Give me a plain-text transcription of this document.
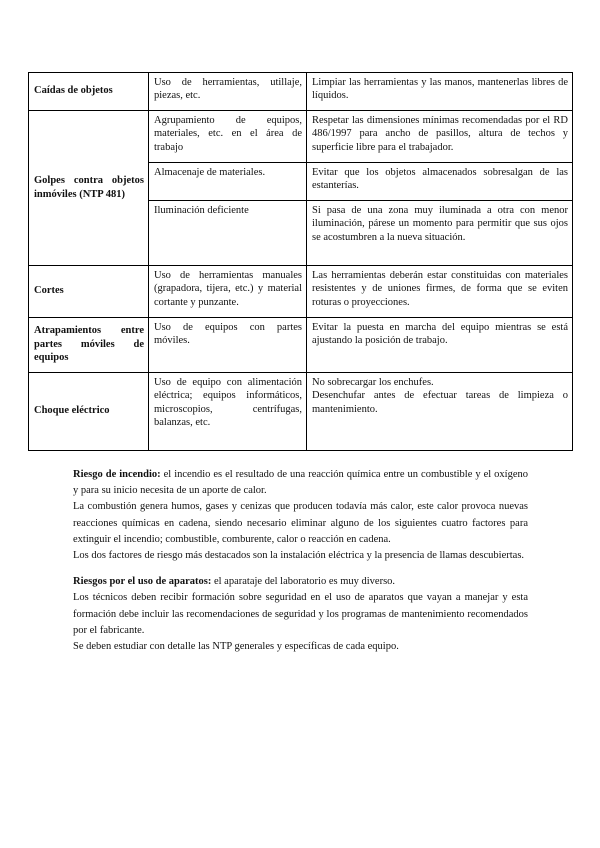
Caídas de objetos	Uso de herramientas, utillaje, piezas, etc.	Limpiar las herramientas y las manos, mantenerlas libres de líquidos.
Golpes contra objetos inmóviles (NTP 481)	Agrupamiento de equipos, materiales, etc. en el área de trabajo	Respetar las dimensiones mínimas recomendadas por el RD 486/1997 para ancho de pasillos, altura de techos y superficie libre para el trabajador.
	Almacenaje de materiales.	Evitar que los objetos almacenados sobresalgan de las estanterías.
	Iluminación deficiente	Si pasa de una zona muy iluminada a otra con menor iluminación, párese un momento para permitir que sus ojos se acostumbren a la nueva situación.
Cortes	Uso de herramientas manuales (grapadora, tijera, etc.) y material cortante y punzante.	Las herramientas deberán estar constituidas con materiales resistentes y de uniones firmes, de forma que se eviten roturas o proyecciones.
Atrapamientos entre partes móviles de equipos	Uso de equipos con partes móviles.	Evitar la puesta en marcha del equipo mientras se está ajustando la posición de trabajo.
Choque eléctrico	Uso de equipo con alimentación eléctrica; equipos informáticos, microscopios, centrífugas, balanzas, etc.	No sobrecargar los enchufes.
Desenchufar antes de efectuar tareas de limpieza o mantenimiento.

Riesgo de incendio: el incendio es el resultado de una reacción química entre un combustible y el oxígeno y para su inicio necesita de un aporte de calor.

La combustión genera humos, gases y cenizas que producen todavía más calor, este calor provoca nuevas reacciones químicas en cadena, siendo necesario eliminar alguno de los siguientes cuatro factores para extinguir el incendio; combustible, comburente, calor o reacción en cadena.

Los dos factores de riesgo más destacados son la instalación eléctrica y la presencia de llamas descubiertas.

Riesgos por el uso de aparatos: el aparataje del laboratorio es muy diverso.

Los técnicos deben recibir formación sobre seguridad en el uso de aparatos que vayan a manejar y esta formación debe incluir las recomendaciones de seguridad y los programas de mantenimiento recomendados por el fabricante.

Se deben estudiar con detalle las NTP generales y específicas de cada equipo.
